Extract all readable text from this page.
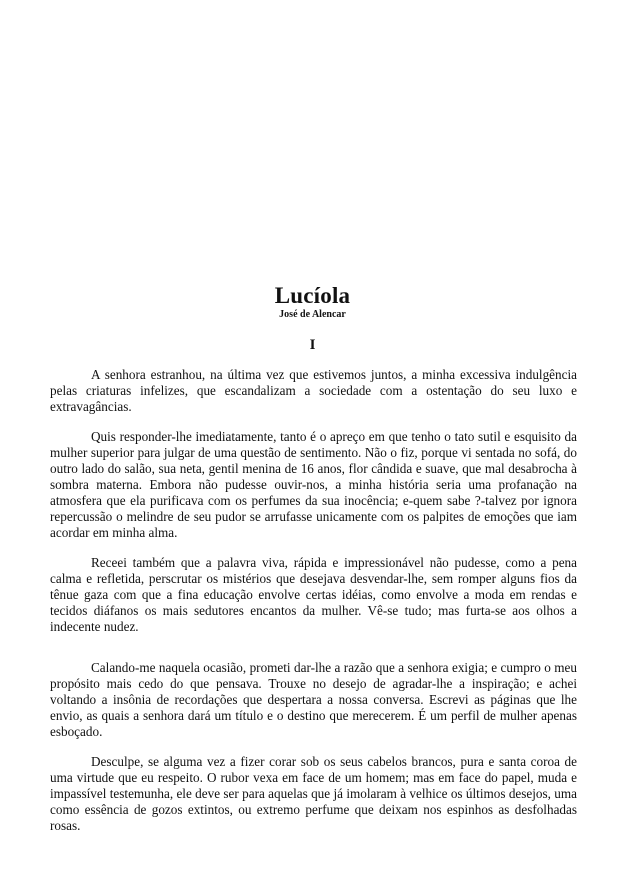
Lucíola

José de Alencar

I

A senhora estranhou, na última vez que estivemos juntos, a minha excessiva indulgência pelas criaturas infelizes, que escandalizam a sociedade com a ostentação do seu luxo e extravagâncias.

Quis responder-lhe imediatamente, tanto é o apreço em que tenho o tato sutil e esquisito da mulher superior para julgar de uma questão de sentimento. Não o fiz, porque vi sentada no sofá, do outro lado do salão, sua neta, gentil menina de 16 anos, flor cândida e suave, que mal desabrocha à sombra materna. Embora não pudesse ouvir-nos, a minha história seria uma profanação na atmosfera que ela purificava com os perfumes da sua inocência; e-quem sabe ?-talvez por ignora repercussão o melindre de seu pudor se arrufasse unicamente com os palpites de emoções que iam acordar em minha alma.

Receei também que a palavra viva, rápida e impressionável não pudesse, como a pena calma e refletida, perscrutar os mistérios que desejava desvendar-lhe, sem romper alguns fios da tênue gaza com que a fina educação envolve certas idéias, como envolve a moda em rendas e tecidos diáfanos os mais sedutores encantos da mulher. Vê-se tudo; mas furta-se aos olhos a indecente nudez.

Calando-me naquela ocasião, prometi dar-lhe a razão que a senhora exigia; e cumpro o meu propósito mais cedo do que pensava. Trouxe no desejo de agradar-lhe a inspiração; e achei voltando a insônia de recordações que despertara a nossa conversa. Escrevi as páginas que lhe envio, as quais a senhora dará um título e o destino que merecerem. É um perfil de mulher apenas esboçado.

Desculpe, se alguma vez a fizer corar sob os seus cabelos brancos, pura e santa coroa de uma virtude que eu respeito. O rubor vexa em face de um homem; mas em face do papel, muda e impassível testemunha, ele deve ser para aquelas que já imolaram à velhice os últimos desejos, uma como essência de gozos extintos, ou extremo perfume que deixam nos espinhos as desfolhadas rosas.
